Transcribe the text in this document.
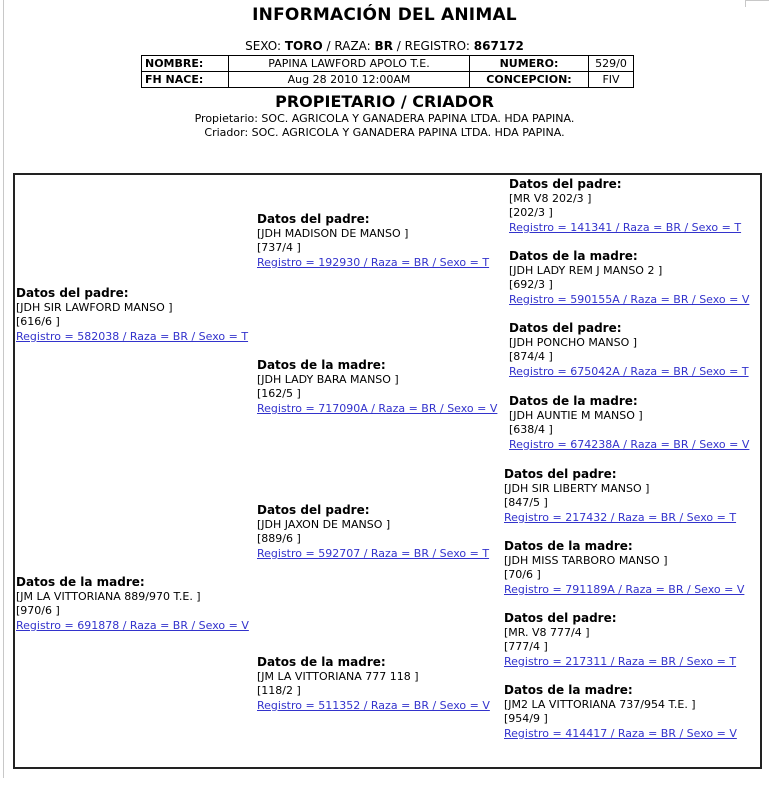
INFORMACIÓN DEL ANIMAL
SEXO: TORO / RAZA: BR / REGISTRO: 867172
NOMBRE:	PAPINA LAWFORD APOLO T.E.	NUMERO:	529/0
FH NACE:	Aug 28 2010 12:00AM	CONCEPCION:	FIV
PROPIETARIO / CRIADOR
Propietario: SOC. AGRICOLA Y GANADERA PAPINA LTDA. HDA PAPINA.
Criador: SOC. AGRICOLA Y GANADERA PAPINA LTDA. HDA PAPINA.
Datos del padre:
[JDH SIR LAWFORD MANSO ]
[616/6 ]
Registro = 582038 / Raza = BR / Sexo = T
Datos de la madre:
[JM LA VITTORIANA 889/970 T.E. ]
[970/6 ]
Registro = 691878 / Raza = BR / Sexo = V
Datos del padre:
[JDH MADISON DE MANSO ]
[737/4 ]
Registro = 192930 / Raza = BR / Sexo = T
Datos de la madre:
[JDH LADY BARA MANSO ]
[162/5 ]
Registro = 717090A / Raza = BR / Sexo = V
Datos del padre:
[JDH JAXON DE MANSO ]
[889/6 ]
Registro = 592707 / Raza = BR / Sexo = T
Datos de la madre:
[JM LA VITTORIANA 777 118 ]
[118/2 ]
Registro = 511352 / Raza = BR / Sexo = V
Datos del padre:
[MR V8 202/3 ]
[202/3 ]
Registro = 141341 / Raza = BR / Sexo = T
Datos de la madre:
[JDH LADY REM J MANSO 2 ]
[692/3 ]
Registro = 590155A / Raza = BR / Sexo = V
Datos del padre:
[JDH PONCHO MANSO ]
[874/4 ]
Registro = 675042A / Raza = BR / Sexo = T
Datos de la madre:
[JDH AUNTIE M MANSO ]
[638/4 ]
Registro = 674238A / Raza = BR / Sexo = V
Datos del padre:
[JDH SIR LIBERTY MANSO ]
[847/5 ]
Registro = 217432 / Raza = BR / Sexo = T
Datos de la madre:
[JDH MISS TARBORO MANSO ]
[70/6 ]
Registro = 791189A / Raza = BR / Sexo = V
Datos del padre:
[MR. V8 777/4 ]
[777/4 ]
Registro = 217311 / Raza = BR / Sexo = T
Datos de la madre:
[JM2 LA VITTORIANA 737/954 T.E. ]
[954/9 ]
Registro = 414417 / Raza = BR / Sexo = V
